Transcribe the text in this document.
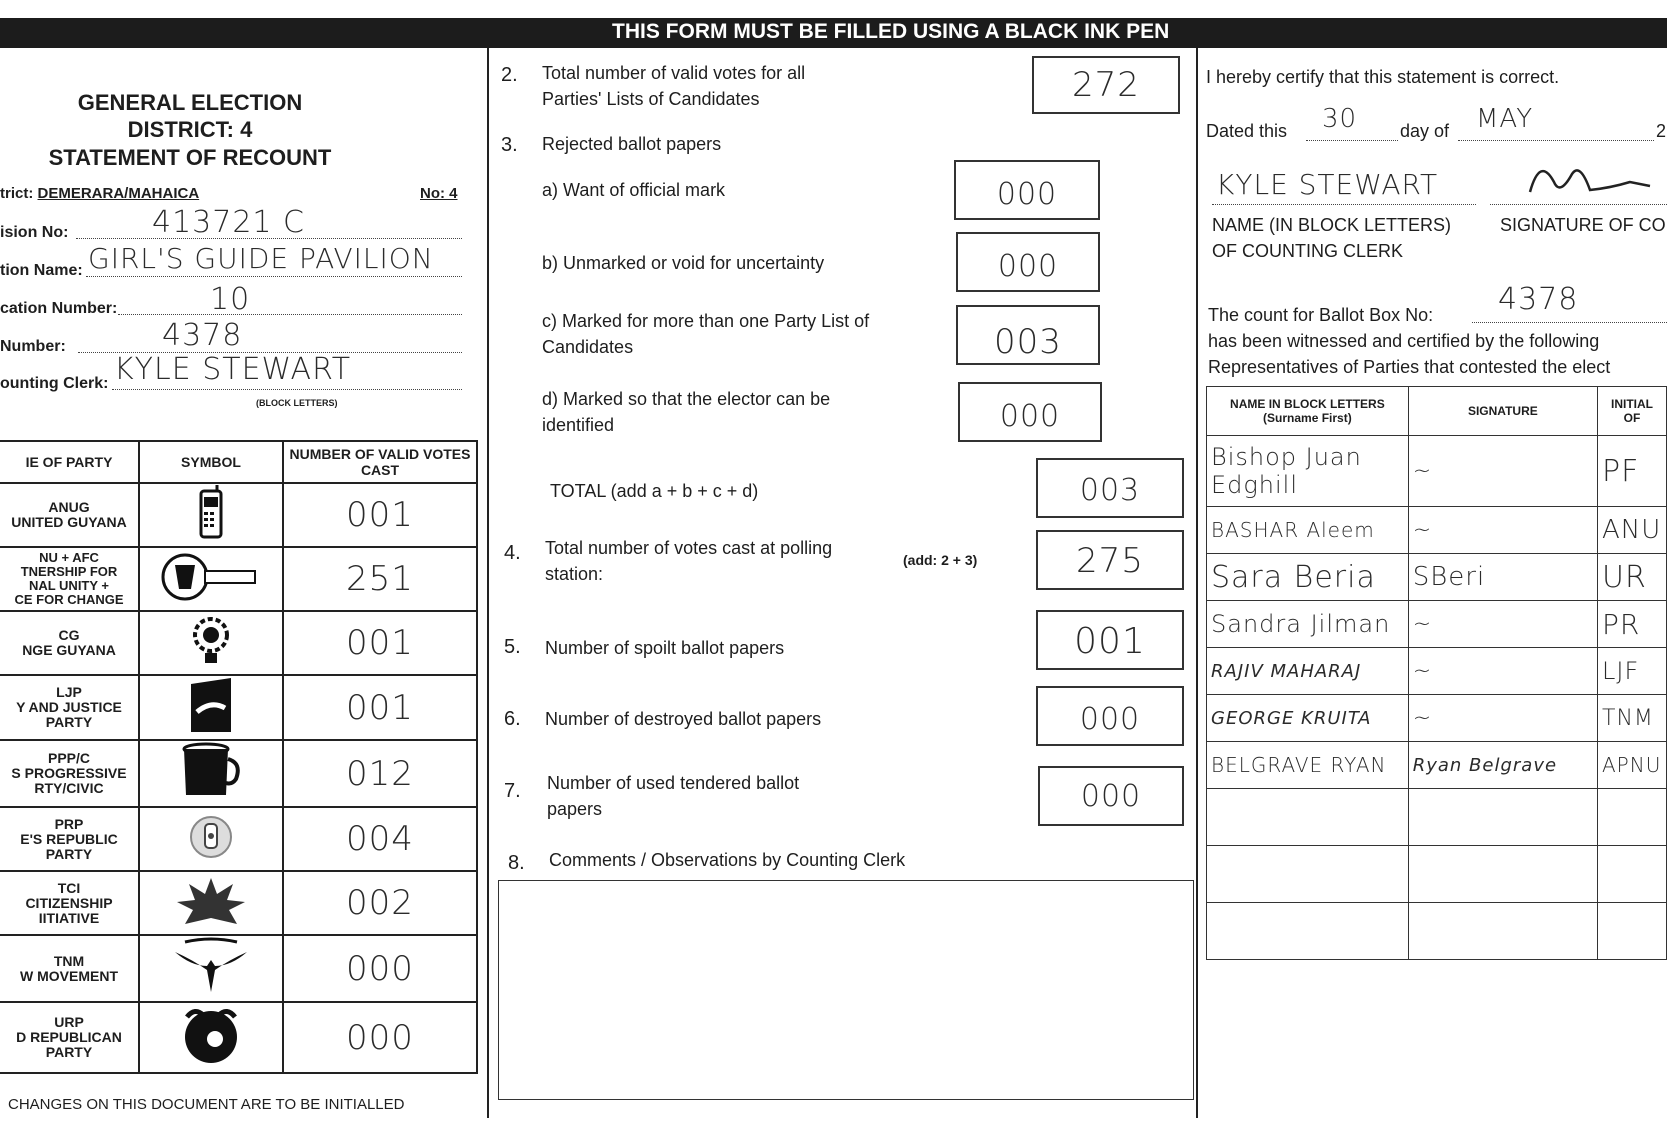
THIS FORM MUST BE FILLED USING A BLACK INK PEN
GENERAL ELECTION
DISTRICT: 4
STATEMENT OF RECOUNT
trict: DEMERARA/MAHAICA	No: 4
ision No:	413721 C
tion Name: GIRL'S GUIDE PAVILION
cation Number:	10
Number:	4378
ounting Clerk: KYLE STEWART
(BLOCK LETTERS)
IE OF PARTY	SYMBOL	NUMBER OF VALID VOTES CAST
ANUG
UNITED GUYANA		001
NU + AFC
TNERSHIP FOR
NAL UNITY +
CE FOR CHANGE		251
CG
NGE GUYANA		001
LJP
Y AND JUSTICE
PARTY		001
PPP/C
S PROGRESSIVE
RTY/CIVIC		012
PRP
E'S REPUBLIC
PARTY		004
TCI
CITIZENSHIP
IITIATIVE		002
TNM
W MOVEMENT		000
URP
D REPUBLICAN
PARTY		000
CHANGES ON THIS DOCUMENT ARE TO BE INITIALLED
2. Total number of valid votes for all
Parties' Lists of Candidates	272
3. Rejected ballot papers
a) Want of official mark	000
b) Unmarked or void for uncertainty	000
c) Marked for more than one Party List of
Candidates	003
d) Marked so that the elector can be
identified	000
TOTAL (add a + b + c + d)	003
4. Total number of votes cast at polling
station:
(add: 2 + 3)	275
5. Number of spoilt ballot papers	001
6. Number of destroyed ballot papers	000
7. Number of used tendered ballot
papers	000
8. Comments / Observations by Counting Clerk
I hereby certify that this statement is correct.
Dated this 30 day of MAY	2
KYLE STEWART
NAME (IN BLOCK LETTERS)
OF COUNTING CLERK
SIGNATURE OF CO
The count for Ballot Box No: 4378
has been witnessed and certified by the following
Representatives of Parties that contested the elect
NAME IN BLOCK LETTERS
(Surname First)	SIGNATURE	INITIAL
OF
Bishop Juan Edghill	~	PF
BASHAR Aleem	~	ANU
Sara Beria	SBeri	UR
Sandra Jilman	~	PR
RAJIV MAHARAJ	~	LJF
GEORGE KRUITA	~	TNM
BELGRAVE RYAN	Ryan Belgrave	APNU
